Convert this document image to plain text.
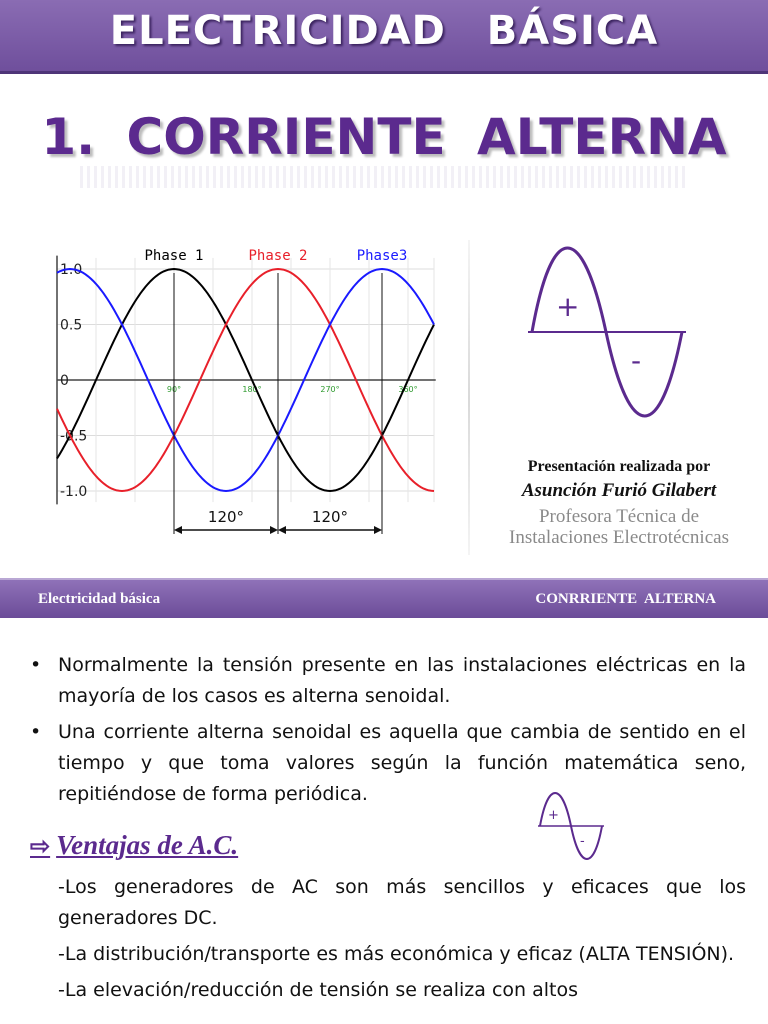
ELECTRICIDAD BÁSICA
1. CORRIENTE ALTERNA
1.0
0.5
0
-0.5
-1.0
90°	180°	270°	360°
Phase 1	Phase 2	Phase3
120°	120°
+
-
Presentación realizada por
Asunción Furió Gilabert
Profesora Técnica de
Instalaciones Electrotécnicas
Electricidad básica	CONRRIENTE ALTERNA
• Normalmente la tensión presente en las instalaciones eléctricas en la mayoría de los casos es alterna senoidal.
• Una corriente alterna senoidal es aquella que cambia de sentido en el tiempo y que toma valores según la función matemática seno, repitiéndose de forma periódica.
+
-
⇨ Ventajas de A.C.

-Los generadores de AC son más sencillos y eficaces que los generadores DC.

-La distribución/transporte es más económica y eficaz (ALTA TENSIÓN).

-La elevación/reducción de tensión se realiza con altos
